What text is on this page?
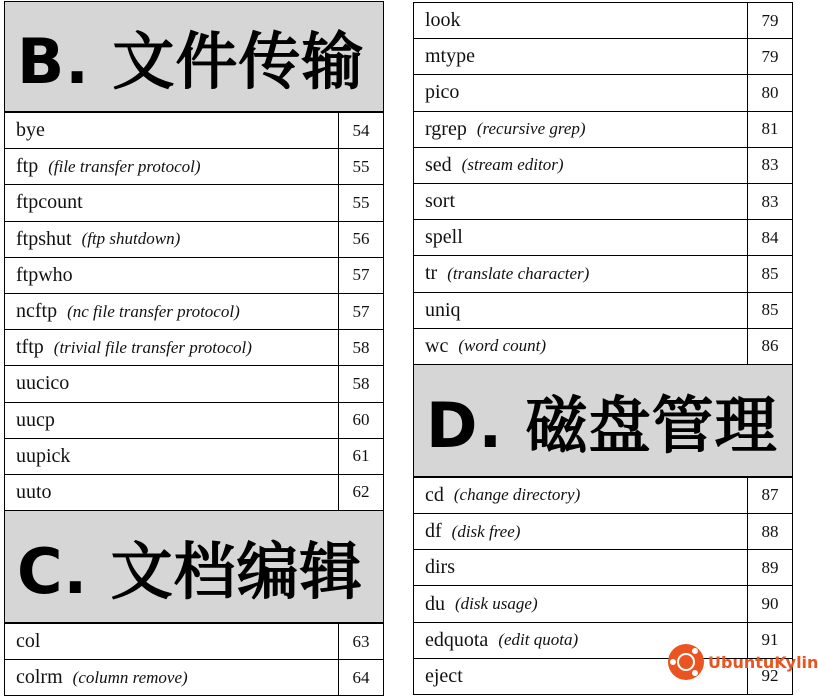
B. 文件传输
bye	54
ftp (file transfer protocol)	55
ftpcount	55
ftpshut (ftp shutdown)	56
ftpwho	57
ncftp (nc file transfer protocol)	57
tftp (trivial file transfer protocol)	58
uucico	58
uucp	60
uupick	61
uuto	62
C. 文档编辑
col	63
colrm (column remove)	64
look	79
mtype	79
pico	80
rgrep (recursive grep)	81
sed (stream editor)	83
sort	83
spell	84
tr (translate character)	85
uniq	85
wc (word count)	86
D. 磁盘管理
cd (change directory)	87
df (disk free)	88
dirs	89
du (disk usage)	90
edquota (edit quota)	91
eject	92
UbuntuKylin
